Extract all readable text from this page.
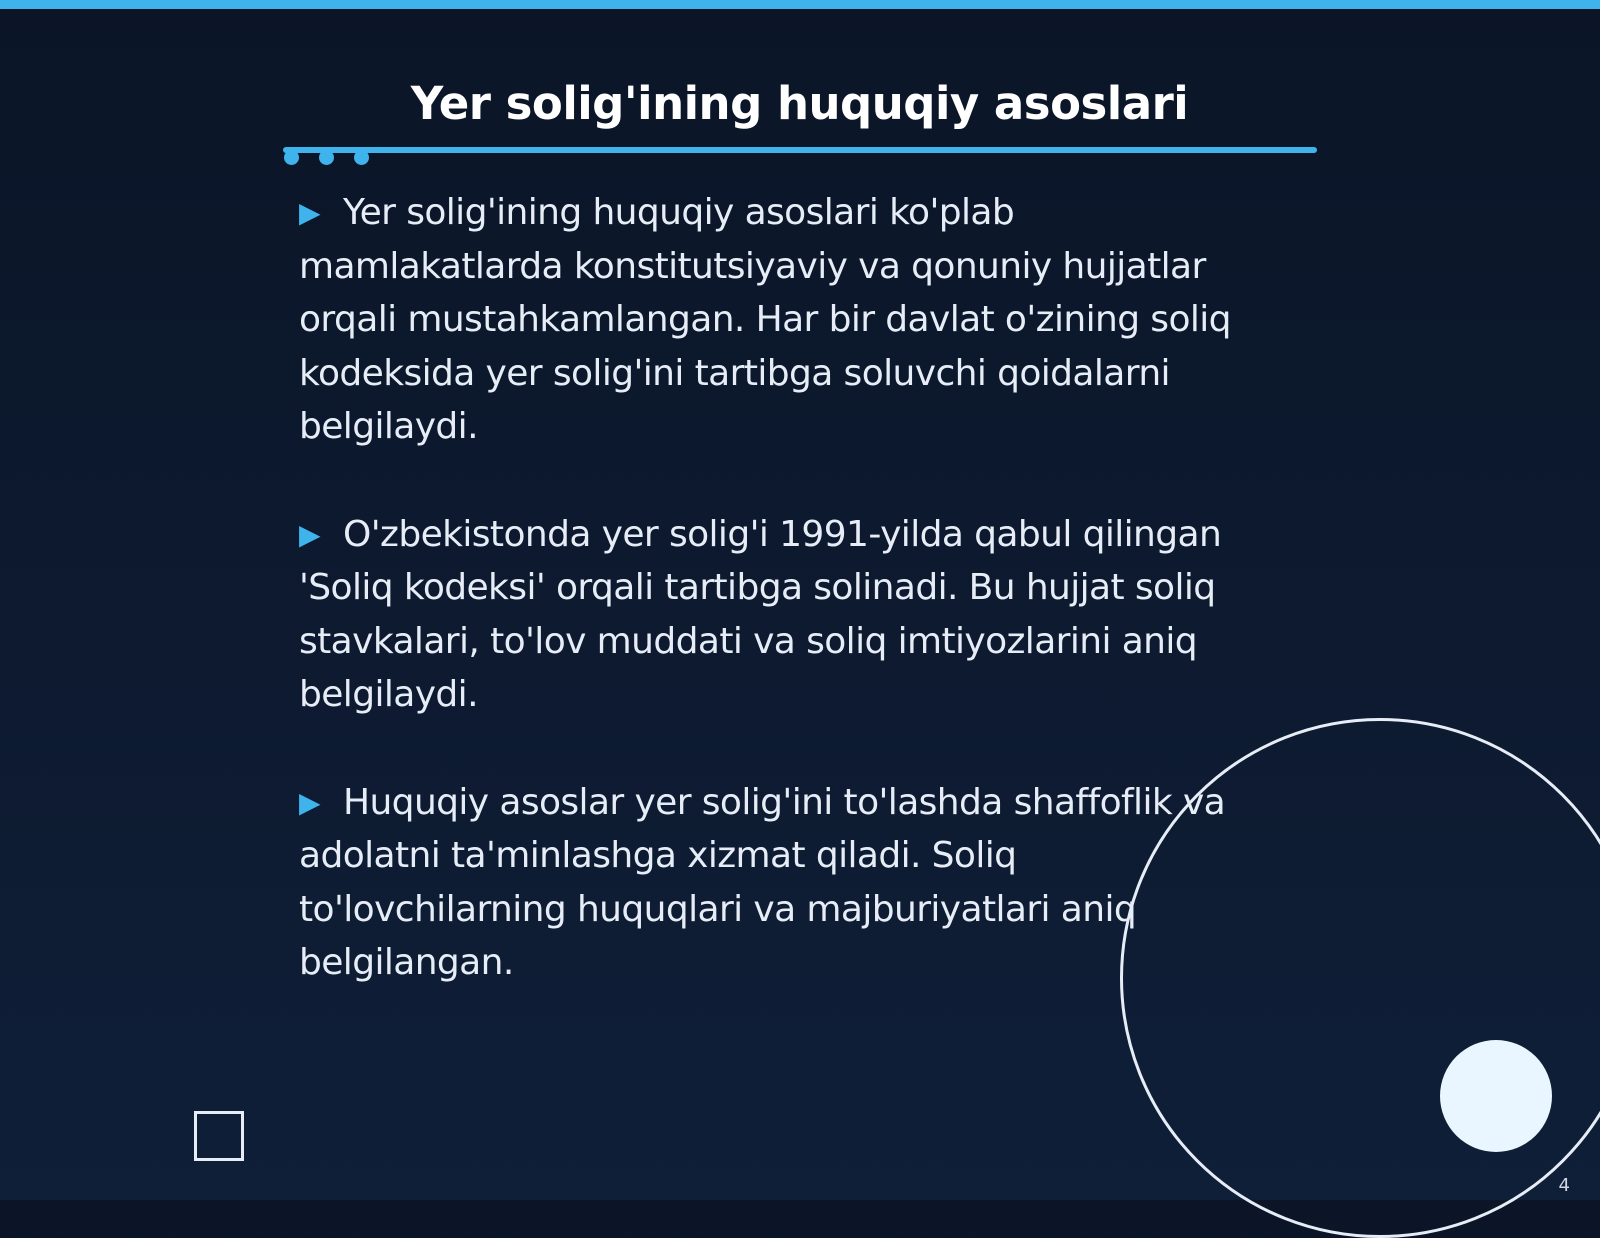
Yer solig'ining huquqiy asoslari
▶ Yer solig'ining huquqiy asoslari ko'plab mamlakatlarda konstitutsiyaviy va qonuniy hujjatlar orqali mustahkamlangan. Har bir davlat o'zining soliq kodeksida yer solig'ini tartibga soluvchi qoidalarni belgilaydi.
▶ O'zbekistonda yer solig'i 1991-yilda qabul qilingan 'Soliq kodeksi' orqali tartibga solinadi. Bu hujjat soliq stavkalari, to'lov muddati va soliq imtiyozlarini aniq belgilaydi.
▶ Huquqiy asoslar yer solig'ini to'lashda shaffoflik va adolatni ta'minlashga xizmat qiladi. Soliq to'lovchilarning huquqlari va majburiyatlari aniq belgilangan.
4
